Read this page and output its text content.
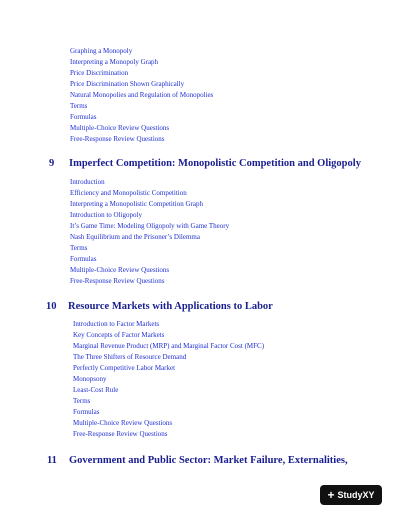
Graphing a Monopoly
Interpreting a Monopoly Graph
Price Discrimination
Price Discrimination Shown Graphically
Natural Monopolies and Regulation of Monopolies
Terms
Formulas
Multiple-Choice Review Questions
Free-Response Review Questions
9 Imperfect Competition: Monopolistic Competition and Oligopoly
Introduction
Efficiency and Monopolistic Competition
Interpreting a Monopolistic Competition Graph
Introduction to Oligopoly
It’s Game Time: Modeling Oligopoly with Game Theory
Nash Equilibrium and the Prisoner’s Dilemma
Terms
Formulas
Multiple-Choice Review Questions
Free-Response Review Questions
10 Resource Markets with Applications to Labor
Introduction to Factor Markets
Key Concepts of Factor Markets
Marginal Revenue Product (MRP) and Marginal Factor Cost (MFC)
The Three Shifters of Resource Demand
Perfectly Competitive Labor Market
Monopsony
Least-Cost Rule
Terms
Formulas
Multiple-Choice Review Questions
Free-Response Review Questions
11 Government and Public Sector: Market Failure, Externalities,
+ StudyXY
